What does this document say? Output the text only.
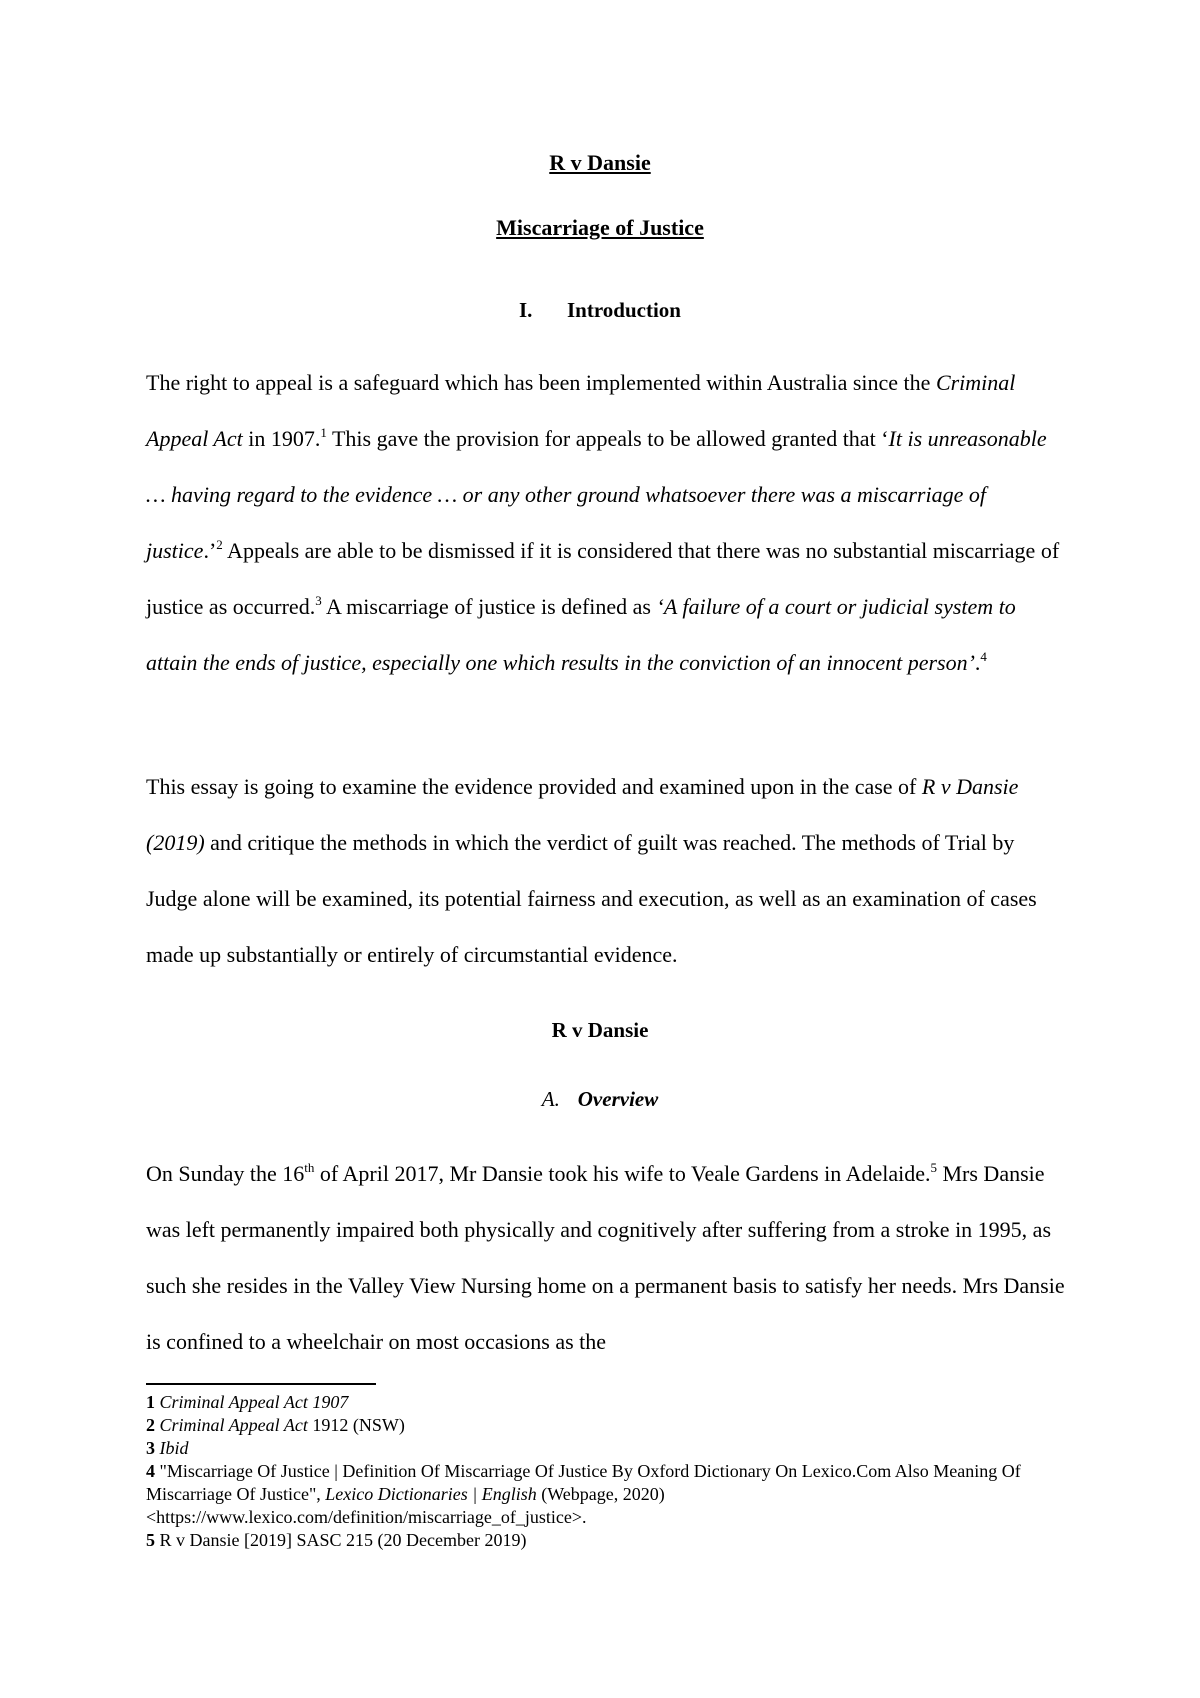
R v Dansie
Miscarriage of Justice
I. Introduction

The right to appeal is a safeguard which has been implemented within Australia since the Criminal Appeal Act in 1907.$^1$ This gave the provision for appeals to be allowed granted that ‘It is unreasonable … having regard to the evidence … or any other ground whatsoever there was a miscarriage of justice.’$^2$ Appeals are able to be dismissed if it is considered that there was no substantial miscarriage of justice as occurred.$^3$ A miscarriage of justice is defined as ‘A failure of a court or judicial system to attain the ends of justice, especially one which results in the conviction of an innocent person’.$^4$

This essay is going to examine the evidence provided and examined upon in the case of R v Dansie (2019) and critique the methods in which the verdict of guilt was reached. The methods of Trial by Judge alone will be examined, its potential fairness and execution, as well as an examination of cases made up substantially or entirely of circumstantial evidence.

R v Dansie
A. Overview

On Sunday the 16th of April 2017, Mr Dansie took his wife to Veale Gardens in Adelaide.$^5$ Mrs Dansie was left permanently impaired both physically and cognitively after suffering from a stroke in 1995, as such she resides in the Valley View Nursing home on a permanent basis to satisfy her needs. Mrs Dansie is confined to a wheelchair on most occasions as the

1 Criminal Appeal Act 1907
2 Criminal Appeal Act 1912 (NSW)
3 Ibid
4 "Miscarriage Of Justice | Definition Of Miscarriage Of Justice By Oxford Dictionary On Lexico.Com Also Meaning Of Miscarriage Of Justice", Lexico Dictionaries | English (Webpage, 2020) <https://www.lexico.com/definition/miscarriage_of_justice>.
5 R v Dansie [2019] SASC 215 (20 December 2019)
